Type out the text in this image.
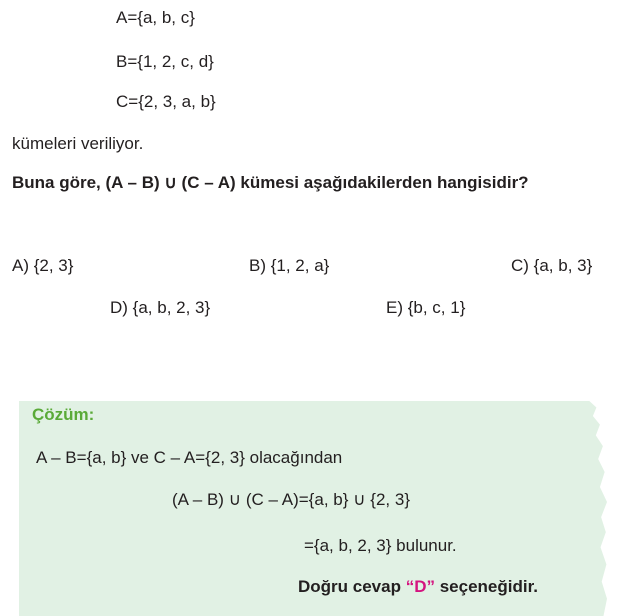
A={a, b, c}
B={1, 2, c, d}
C={2, 3, a, b}
kümeleri veriliyor.
Buna göre, (A – B) ∪ (C – A) kümesi aşağıdakilerden hangisidir?
A) {2, 3}	B) {1, 2, a}	C) {a, b, 3}
D) {a, b, 2, 3}	E) {b, c, 1}
Çözüm:
A – B={a, b} ve C – A={2, 3} olacağından
(A – B) ∪ (C – A)={a, b} ∪ {2, 3}
={a, b, 2, 3} bulunur.
Doğru cevap “D” seçeneğidir.
